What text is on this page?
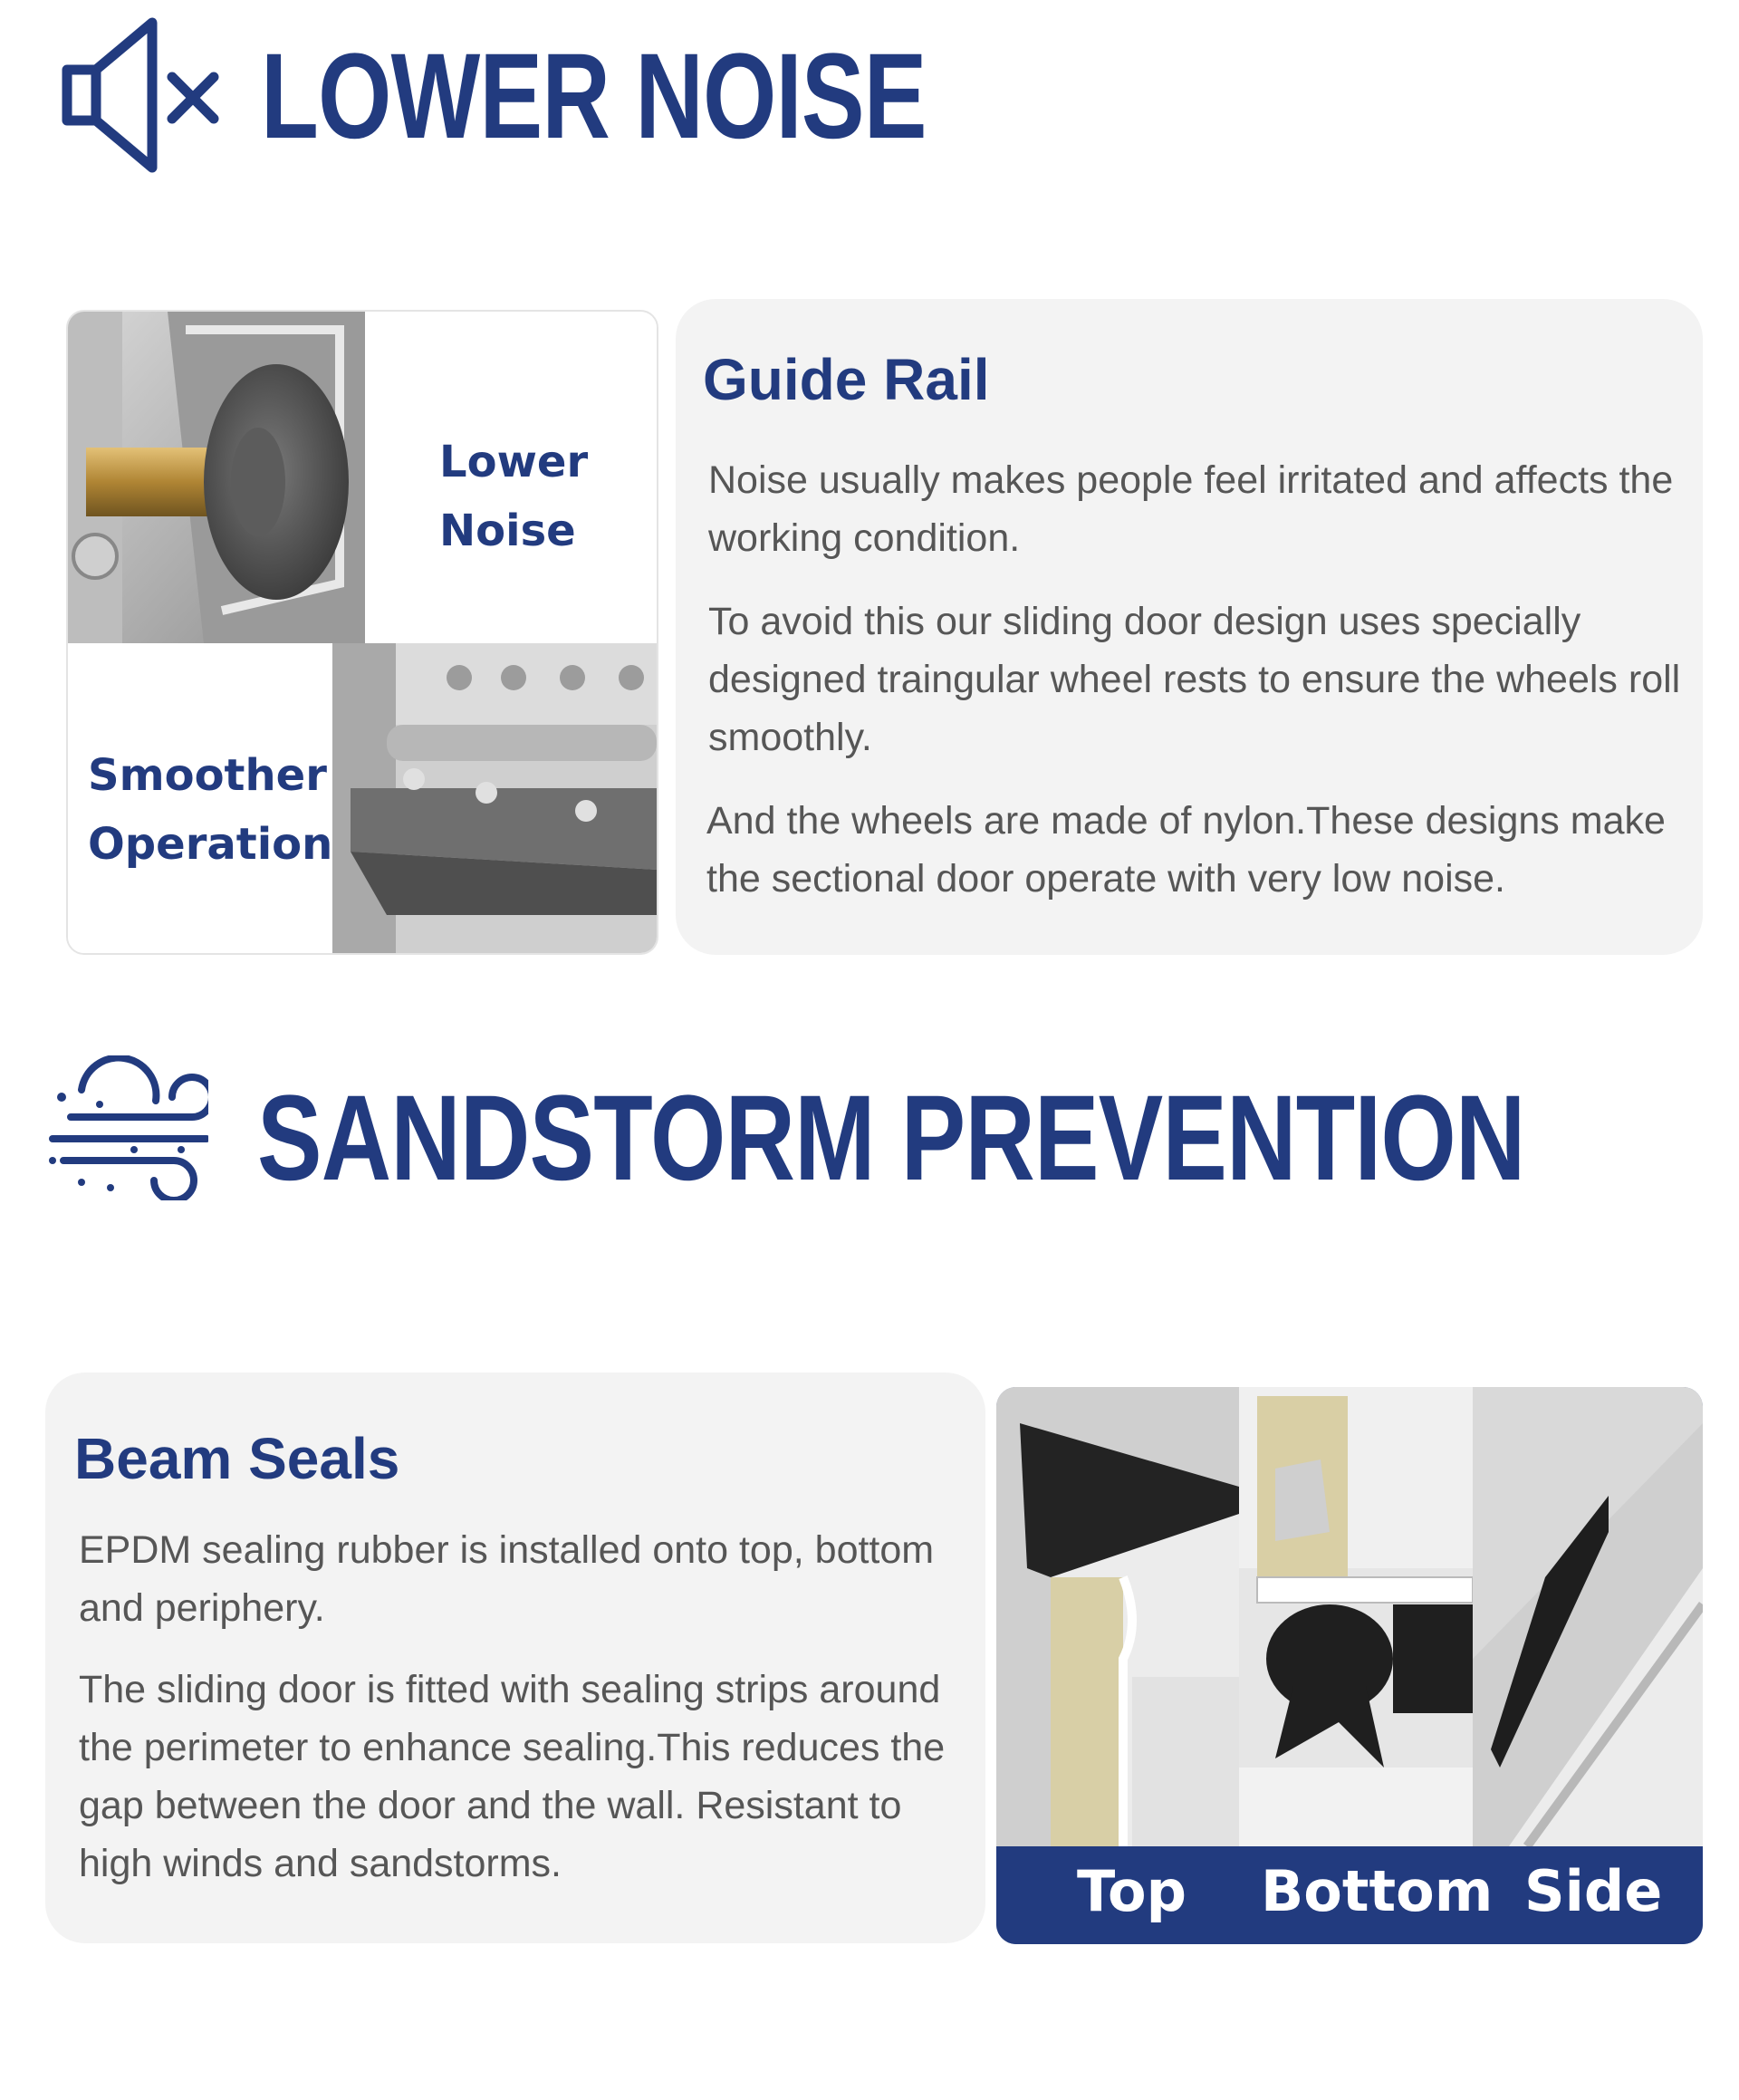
LOWER NOISE
Lower
Noise
Smoother
Operation
Guide Rail
Noise usually makes people feel irritated and affects the working condition.
To avoid this our sliding door design uses specially designed traingular wheel rests to ensure the wheels roll smoothly.
And the wheels are made of nylon.These designs make the sectional door operate with very low noise.
SANDSTORM PREVENTION
Beam Seals
EPDM sealing rubber is installed onto top, bottom and periphery.
The sliding door is fitted with sealing strips around the perimeter to enhance sealing.This reduces the gap between the door and the wall. Resistant to high winds and sandstorms.	Top Bottom Side
